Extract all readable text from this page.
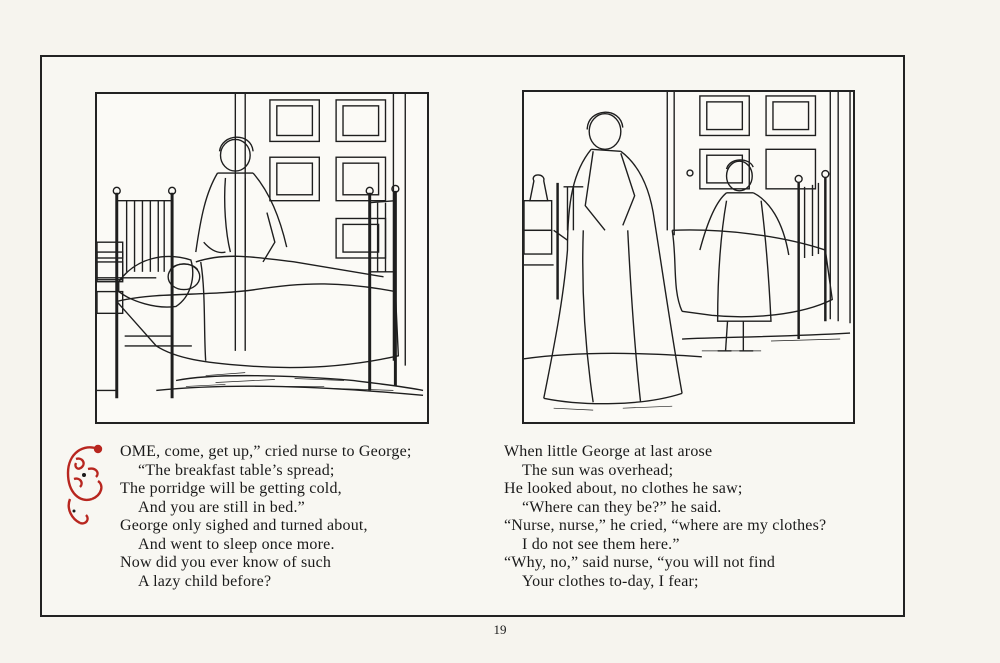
OME, come, get up,” cried nurse to George;
“The breakfast table’s spread;
The porridge will be getting cold,
And you are still in bed.”
George only sighed and turned about,
And went to sleep once more.
Now did you ever know of such
A lazy child before?
When little George at last arose
The sun was overhead;
He looked about, no clothes he saw;
“Where can they be?” he said.
“Nurse, nurse,” he cried, “where are my clothes?
I do not see them here.”
“Why, no,” said nurse, “you will not find
Your clothes to-day, I fear;
19
